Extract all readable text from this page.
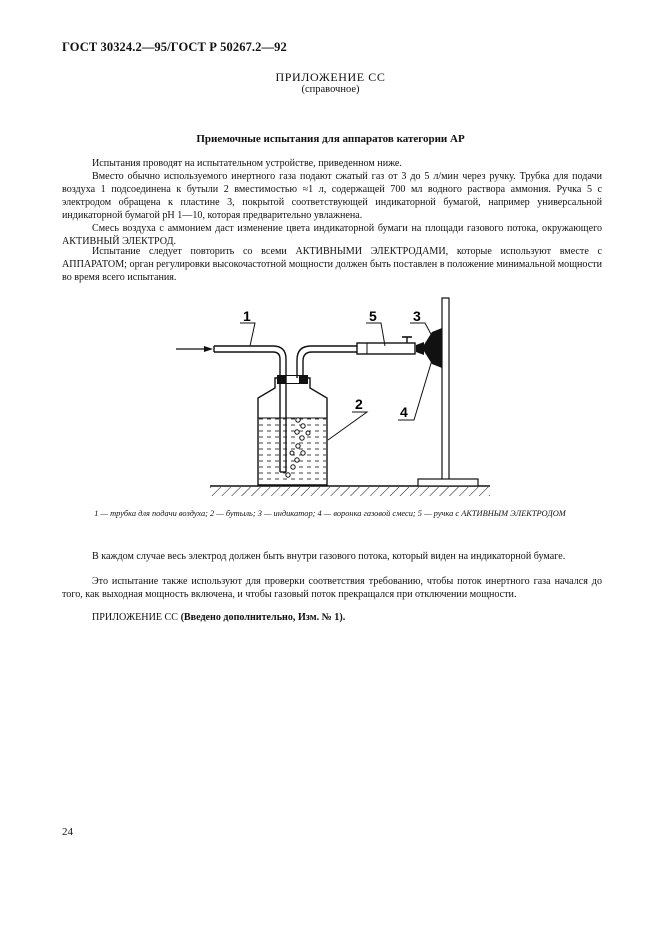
ГОСТ 30324.2—95/ГОСТ Р 50267.2—92
ПРИЛОЖЕНИЕ СС
(справочное)
Приемочные испытания для аппаратов категории АР
Испытания проводят на испытательном устройстве, приведенном ниже.
Вместо обычно используемого инертного газа подают сжатый газ от 3 до 5 л/мин через ручку. Трубка для подачи воздуха 1 подсоединена к бутыли 2 вместимостью ≈1 л, содержащей 700 мл водного раствора аммония. Ручка 5 с электродом обращена к пластине 3, покрытой соответствующей индикаторной бумагой, например универсальной индикаторной бумагой рН 1—10, которая предварительно увлажнена.
Смесь воздуха с аммонием даст изменение цвета индикаторной бумаги на площади газового потока, окружающего АКТИВНЫЙ ЭЛЕКТРОД.
Испытание следует повторить со всеми АКТИВНЫМИ ЭЛЕКТРОДАМИ, которые используют вместе с АППАРАТОМ; орган регулировки высокочастотной мощности должен быть поставлен в положение минимальной мощности во время всего испытания.
1	5	3
4
2
1 — трубка для подачи воздуха; 2 — бутыль; 3 — индикатор; 4 — воронка газовой смеси; 5 — ручка с АКТИВНЫМ ЭЛЕКТРОДОМ
В каждом случае весь электрод должен быть внутри газового потока, который виден на индикаторной бумаге.
Это испытание также используют для проверки соответствия требованию, чтобы поток инертного газа начался до того, как выходная мощность включена, и чтобы газовый поток прекращался при отключении мощности.
ПРИЛОЖЕНИЕ СС (Введено дополнительно, Изм. № 1).
24
